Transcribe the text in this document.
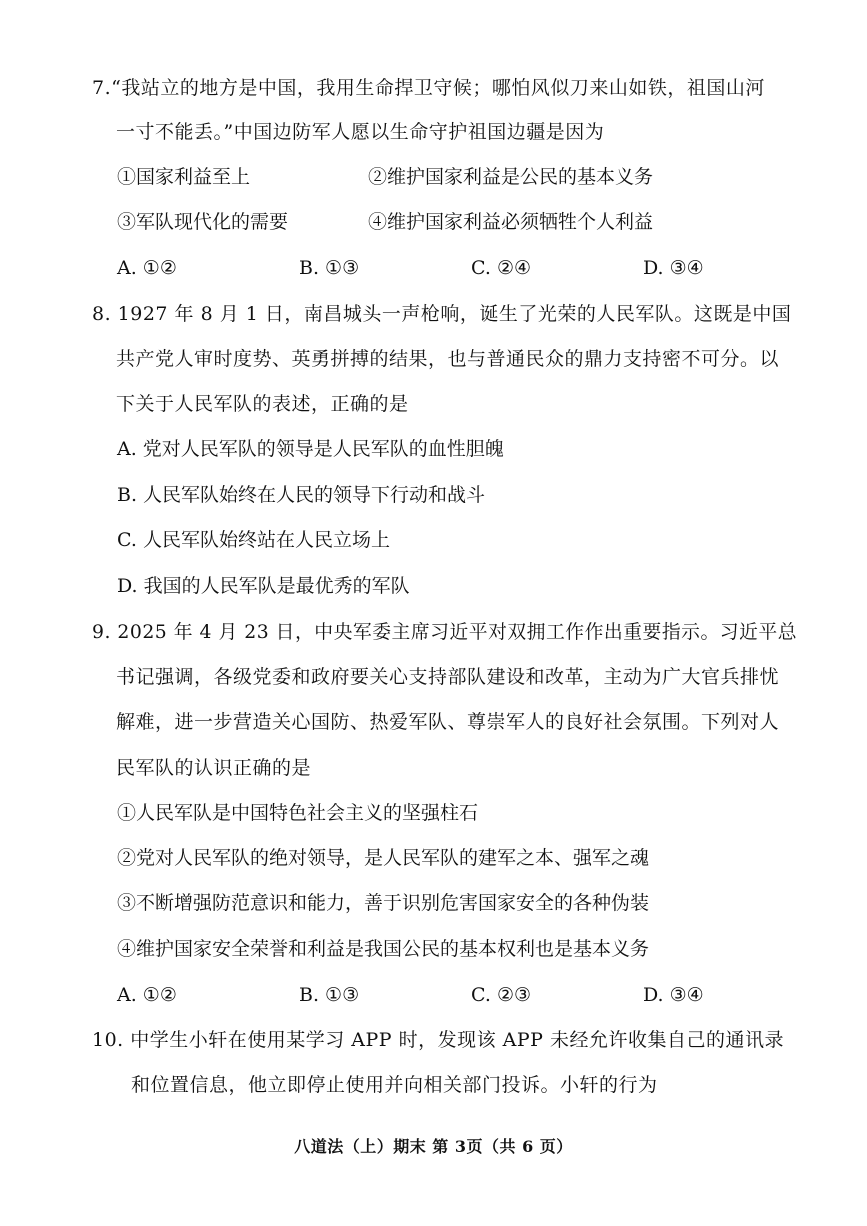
7.“我站立的地方是中国，我用生命捍卫守候；哪怕风似刀来山如铁，祖国山河
一寸不能丢。”中国边防军人愿以生命守护祖国边疆是因为
①国家利益至上	②维护国家利益是公民的基本义务
③军队现代化的需要	④维护国家利益必须牺牲个人利益
A. ①②	B. ①③	C. ②④	D. ③④
8. 1927 年 8 月 1 日，南昌城头一声枪响，诞生了光荣的人民军队。这既是中国
共产党人审时度势、英勇拼搏的结果，也与普通民众的鼎力支持密不可分。以
下关于人民军队的表述，正确的是
A. 党对人民军队的领导是人民军队的血性胆魄
B. 人民军队始终在人民的领导下行动和战斗
C. 人民军队始终站在人民立场上
D. 我国的人民军队是最优秀的军队
9. 2025 年 4 月 23 日，中央军委主席习近平对双拥工作作出重要指示。习近平总
书记强调，各级党委和政府要关心支持部队建设和改革，主动为广大官兵排忧
解难，进一步营造关心国防、热爱军队、尊崇军人的良好社会氛围。下列对人
民军队的认识正确的是
①人民军队是中国特色社会主义的坚强柱石
②党对人民军队的绝对领导，是人民军队的建军之本、强军之魂
③不断增强防范意识和能力，善于识别危害国家安全的各种伪装
④维护国家安全荣誉和利益是我国公民的基本权利也是基本义务
A. ①②	B. ①③	C. ②③	D. ③④
10. 中学生小轩在使用某学习 APP 时，发现该 APP 未经允许收集自己的通讯录
和位置信息，他立即停止使用并向相关部门投诉。小轩的行为
八道法（上）期末 第 3页（共 6 页）
